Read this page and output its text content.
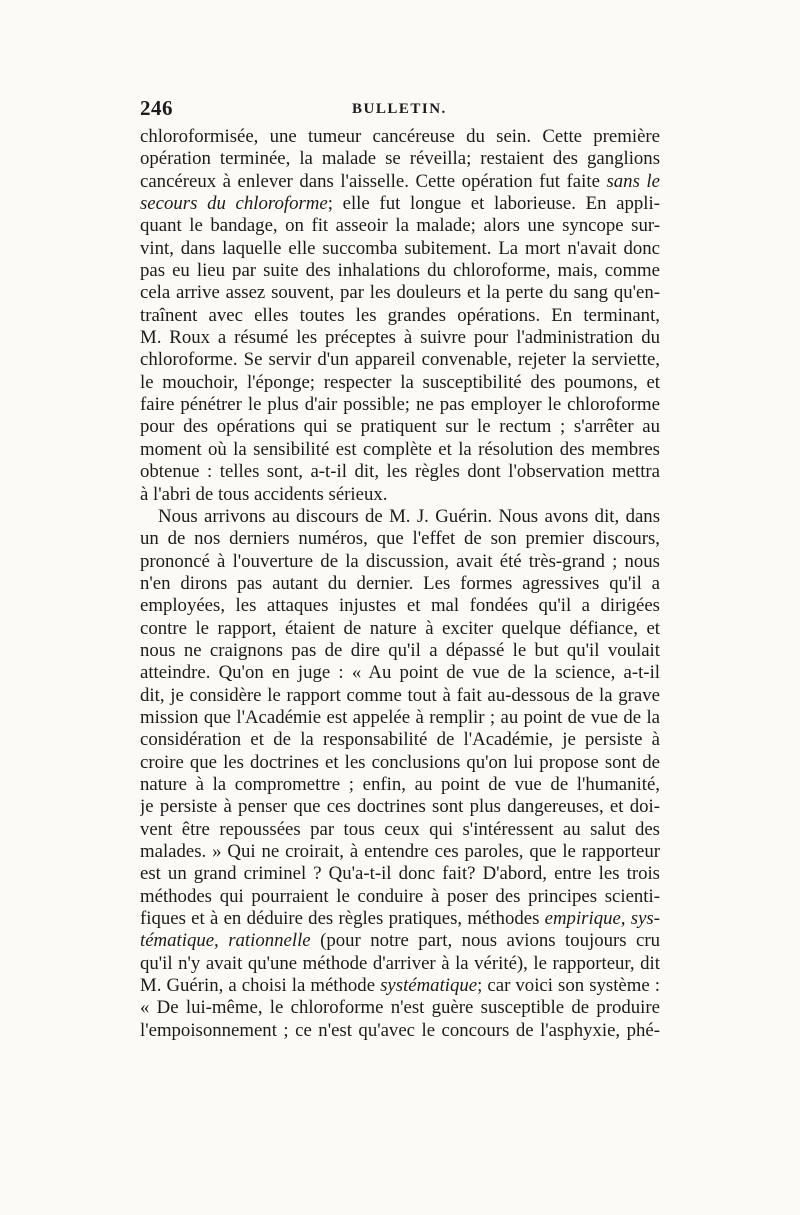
246	BULLETIN.
chloroformisée, une tumeur cancéreuse du sein. Cette première
opération terminée, la malade se réveilla; restaient des ganglions
cancéreux à enlever dans l'aisselle. Cette opération fut faite sans le
secours du chloroforme; elle fut longue et laborieuse. En appli-
quant le bandage, on fit asseoir la malade; alors une syncope sur-
vint, dans laquelle elle succomba subitement. La mort n'avait donc
pas eu lieu par suite des inhalations du chloroforme, mais, comme
cela arrive assez souvent, par les douleurs et la perte du sang qu'en-
traînent avec elles toutes les grandes opérations. En terminant,
M. Roux a résumé les préceptes à suivre pour l'administration du
chloroforme. Se servir d'un appareil convenable, rejeter la serviette,
le mouchoir, l'éponge; respecter la susceptibilité des poumons, et
faire pénétrer le plus d'air possible; ne pas employer le chloroforme
pour des opérations qui se pratiquent sur le rectum ; s'arrêter au
moment où la sensibilité est complète et la résolution des membres
obtenue : telles sont, a-t-il dit, les règles dont l'observation mettra
à l'abri de tous accidents sérieux.
Nous arrivons au discours de M. J. Guérin. Nous avons dit, dans
un de nos derniers numéros, que l'effet de son premier discours,
prononcé à l'ouverture de la discussion, avait été très-grand ; nous
n'en dirons pas autant du dernier. Les formes agressives qu'il a
employées, les attaques injustes et mal fondées qu'il a dirigées
contre le rapport, étaient de nature à exciter quelque défiance, et
nous ne craignons pas de dire qu'il a dépassé le but qu'il voulait
atteindre. Qu'on en juge : « Au point de vue de la science, a-t-il
dit, je considère le rapport comme tout à fait au-dessous de la grave
mission que l'Académie est appelée à remplir ; au point de vue de la
considération et de la responsabilité de l'Académie, je persiste à
croire que les doctrines et les conclusions qu'on lui propose sont de
nature à la compromettre ; enfin, au point de vue de l'humanité,
je persiste à penser que ces doctrines sont plus dangereuses, et doi-
vent être repoussées par tous ceux qui s'intéressent au salut des
malades. » Qui ne croirait, à entendre ces paroles, que le rapporteur
est un grand criminel ? Qu'a-t-il donc fait? D'abord, entre les trois
méthodes qui pourraient le conduire à poser des principes scienti-
fiques et à en déduire des règles pratiques, méthodes empirique, sys-
tématique, rationnelle (pour notre part, nous avions toujours cru
qu'il n'y avait qu'une méthode d'arriver à la vérité), le rapporteur, dit
M. Guérin, a choisi la méthode systématique; car voici son système :
« De lui-même, le chloroforme n'est guère susceptible de produire
l'empoisonnement ; ce n'est qu'avec le concours de l'asphyxie, phé-
